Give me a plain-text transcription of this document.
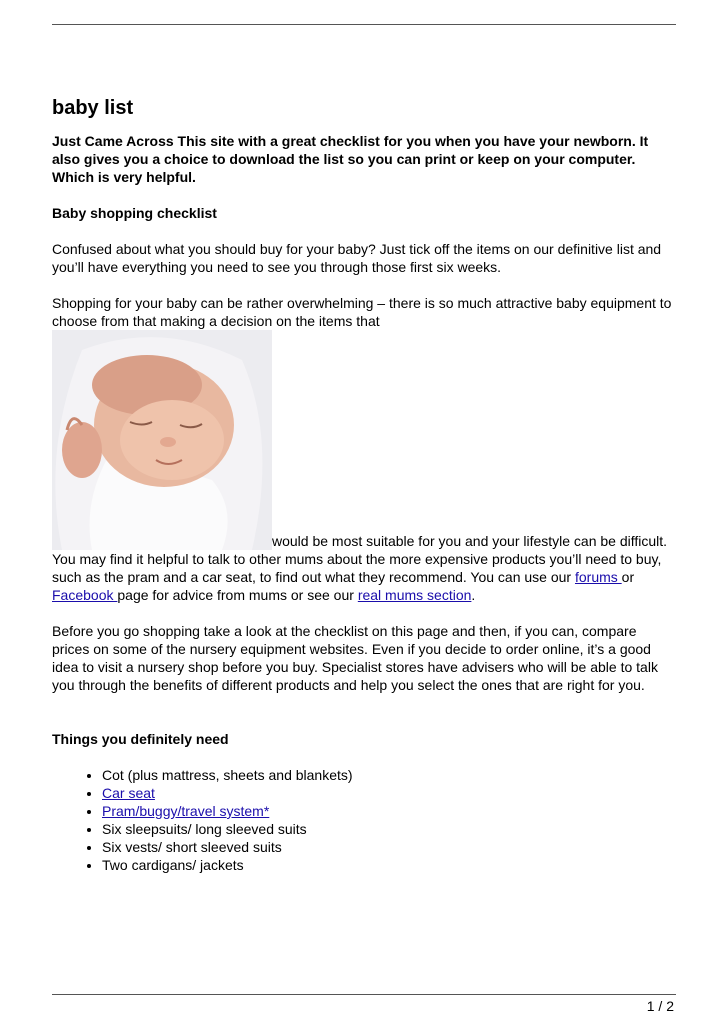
baby list

Just Came Across This site with a great checklist for you when you have your newborn. It also gives you a choice to download the list so you can print or keep on your computer. Which is very helpful.

Baby shopping checklist

Confused about what you should buy for your baby? Just tick off the items on our definitive list and you’ll have everything you need to see you through those first six weeks.

Shopping for your baby can be rather overwhelming – there is so much attractive baby equipment to choose from that making a decision on the items that

would be most suitable for you and your lifestyle can be difficult. You may find it helpful to talk to other mums about the more expensive products you’ll need to buy, such as the pram and a car seat, to find out what they recommend. You can use our forums or Facebook page for advice from mums or see our real mums section.

Before you go shopping take a look at the checklist on this page and then, if you can, compare prices on some of the nursery equipment websites. Even if you decide to order online, it’s a good idea to visit a nursery shop before you buy. Specialist stores have advisers who will be able to talk you through the benefits of different products and help you select the ones that are right for you.

Things you definitely need

• Cot (plus mattress, sheets and blankets)
• Car seat
• Pram/buggy/travel system*
• Six sleepsuits/ long sleeved suits
• Six vests/ short sleeved suits
• Two cardigans/ jackets
1 / 2
